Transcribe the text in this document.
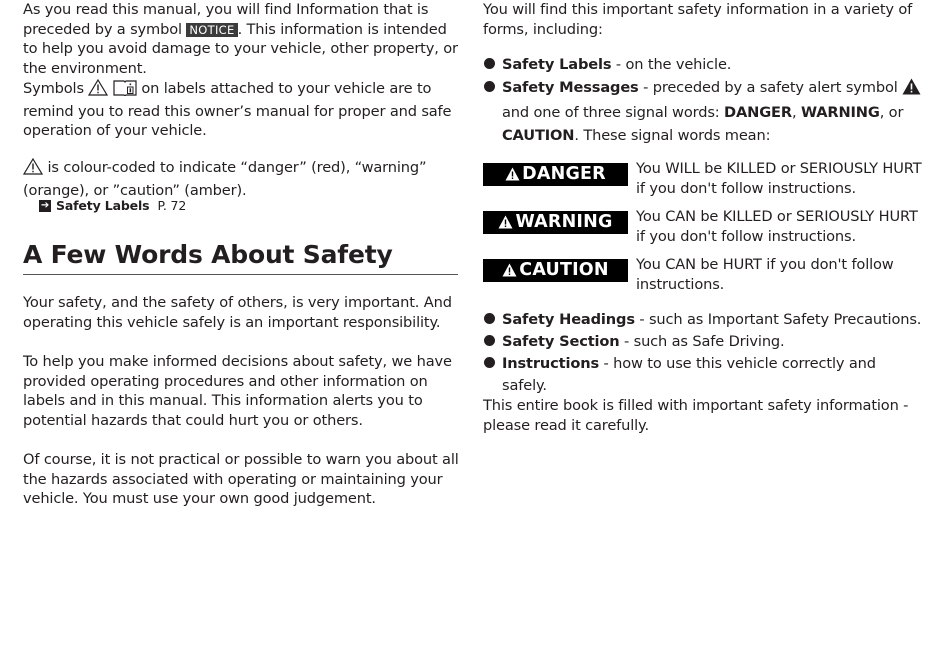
As you read this manual, you will find Information that is preceded by a symbol NOTICE . This information is intended to help you avoid damage to your vehicle, other property, or the environment.

Symbols	on labels attached to your vehicle are to remind you to read this owner’s manual for proper and safe operation of your vehicle.

is colour-coded to indicate “danger” (red), “warning” (orange), or ”caution” (amber).

➔ Safety Labels P. 72
A Few Words About Safety

Your safety, and the safety of others, is very important. And operating this vehicle safely is an important responsibility.

To help you make informed decisions about safety, we have provided operating procedures and other information on labels and in this manual. This information alerts you to potential hazards that could hurt you or others.

Of course, it is not practical or possible to warn you about all the hazards associated with operating or maintaining your vehicle. You must use your own good judgement.

You will find this important safety information in a variety of forms, including:

Safety Labels - on the vehicle.
Safety Messages - preceded by a safety alert symbol  and one of three signal words: DANGER, WARNING, or CAUTION. These signal words mean:
DANGER	You WILL be KILLED or SERIOUSLY HURT if you don't follow instructions.
WARNING	You CAN be KILLED or SERIOUSLY HURT if you don't follow instructions.
CAUTION	You CAN be HURT if you don't follow instructions.
Safety Headings - such as Important Safety Precautions.
Safety Section - such as Safe Driving.
Instructions - how to use this vehicle correctly and safely.

This entire book is filled with important safety information - please read it carefully.
